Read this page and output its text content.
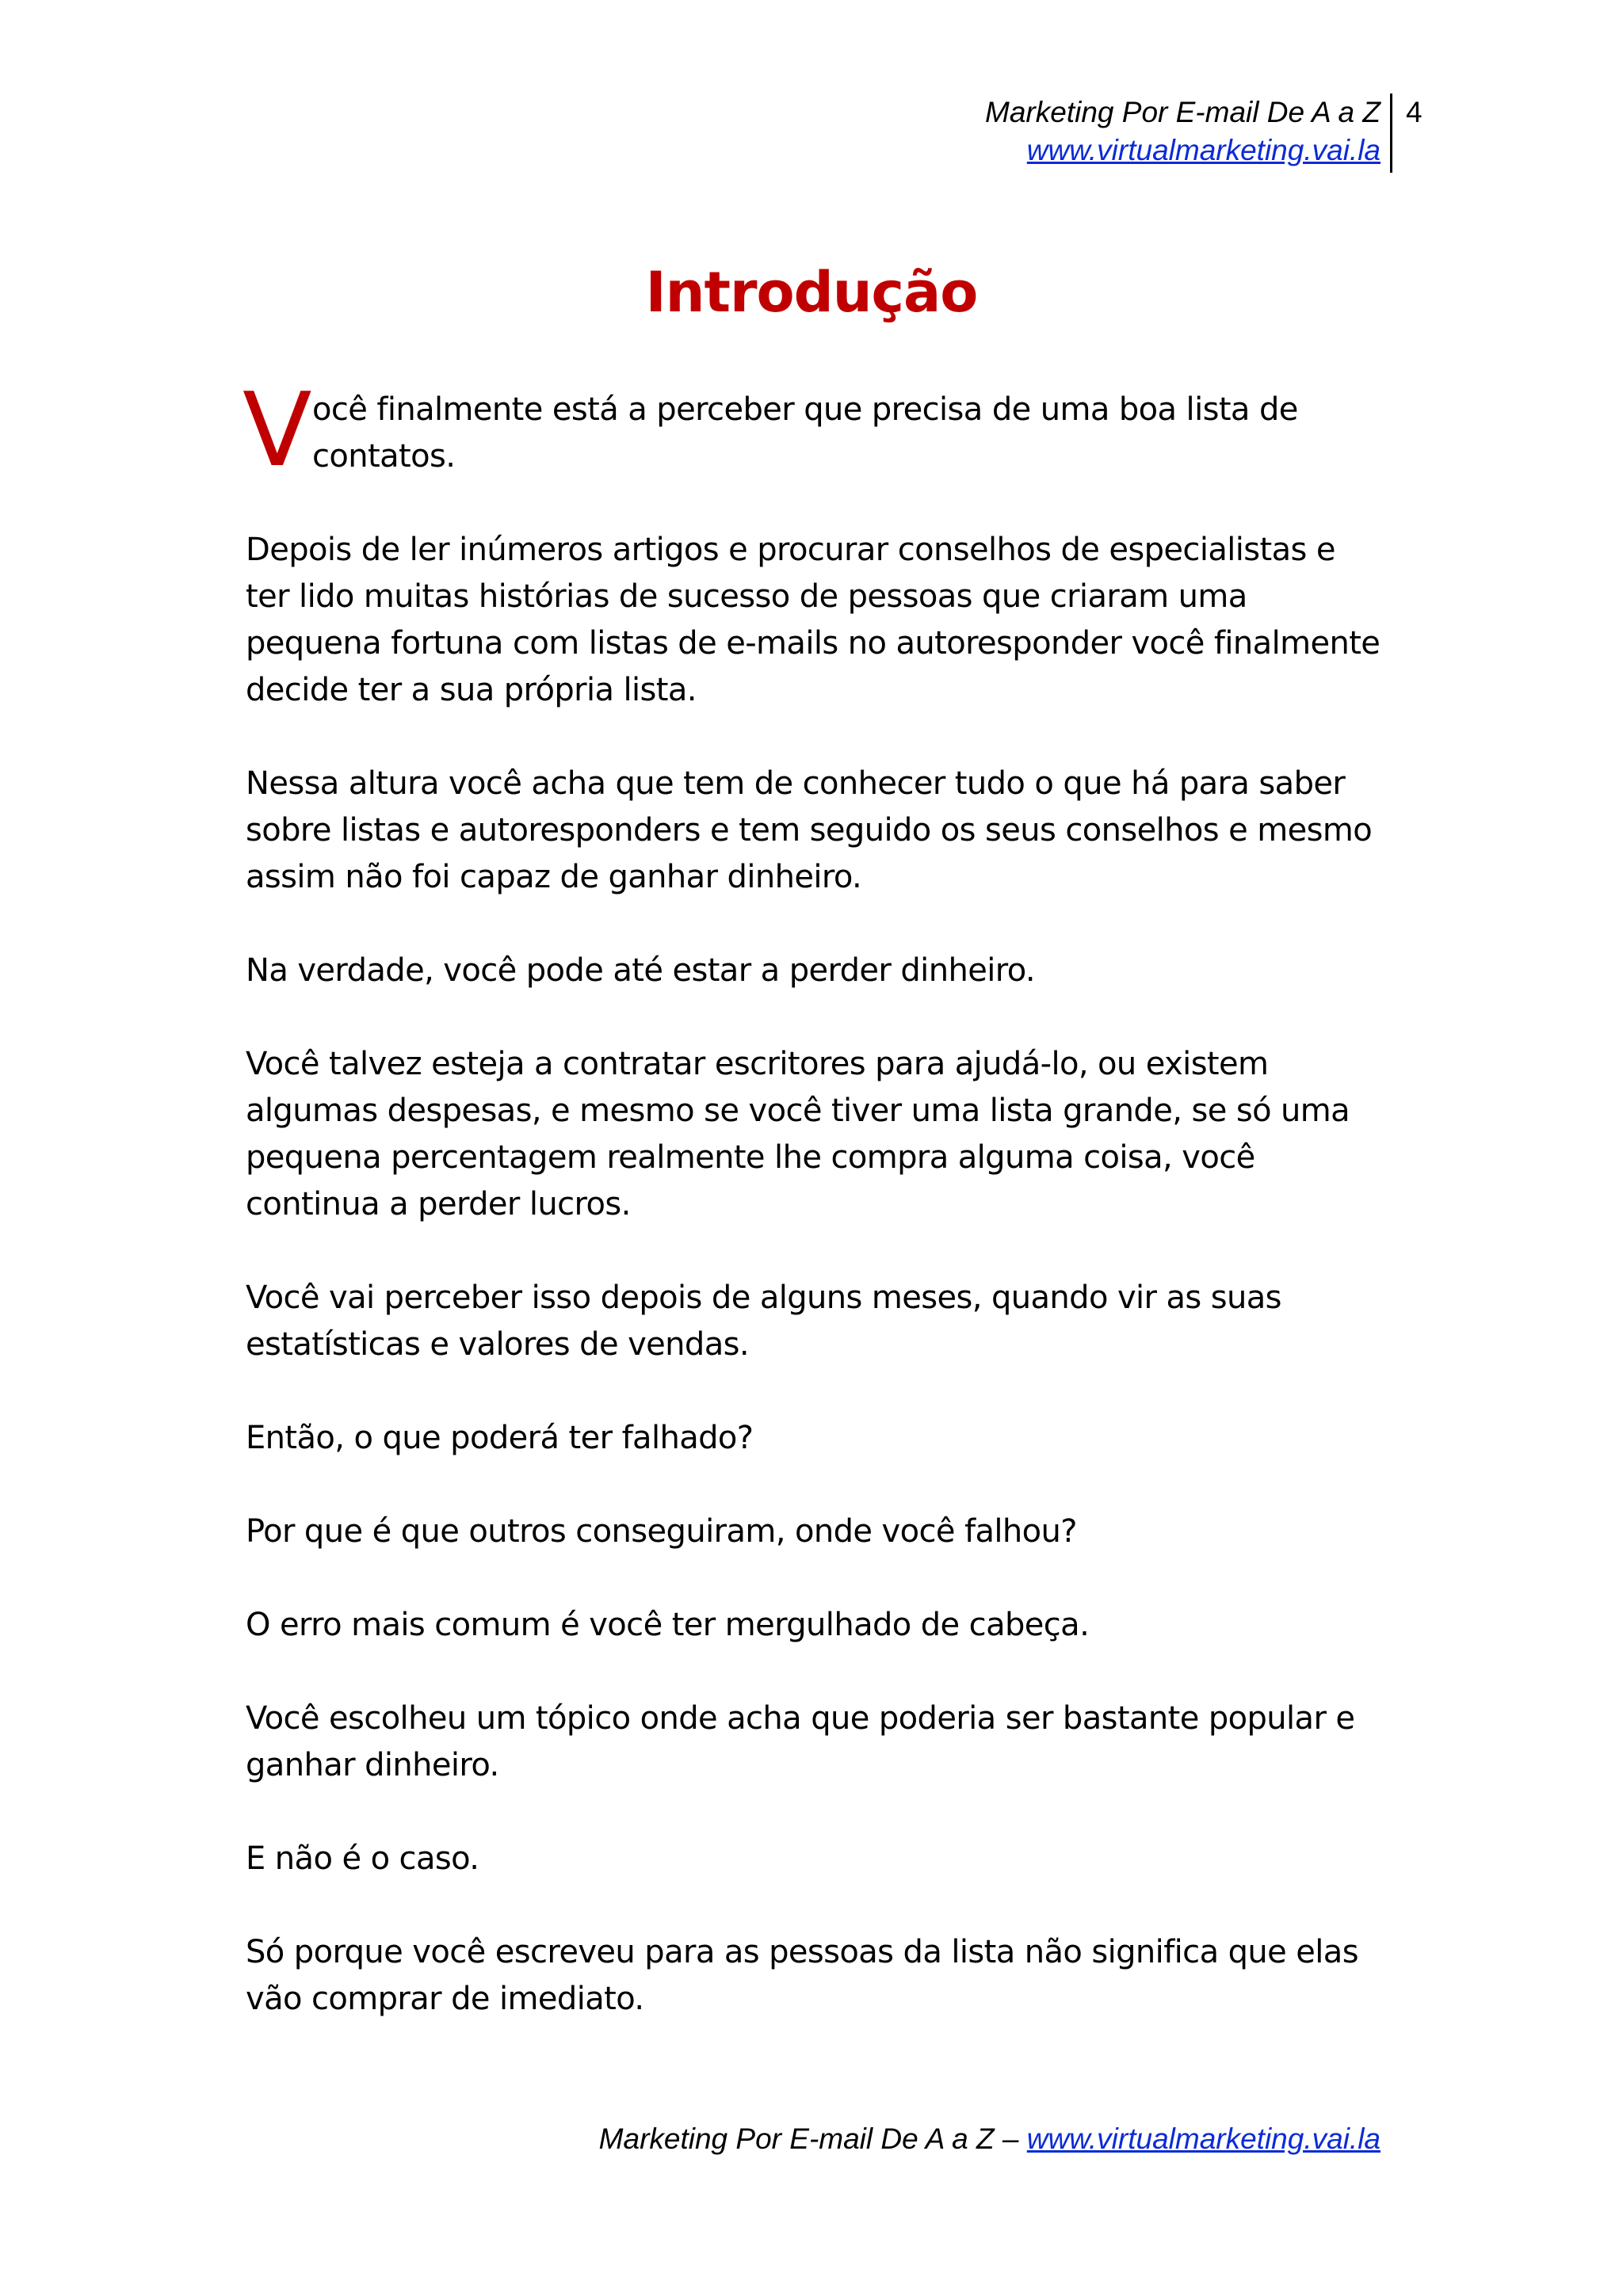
Marketing Por E-mail De A a Z
www.virtualmarketing.vai.la
4
Introdução

V ocê finalmente está a perceber que precisa de uma boa lista de contatos.

Depois de ler inúmeros artigos e procurar conselhos de especialistas e ter lido muitas histórias de sucesso de pessoas que criaram uma pequena fortuna com listas de e-mails no autoresponder você finalmente decide ter a sua própria lista.

Nessa altura você acha que tem de conhecer tudo o que há para saber sobre listas e autoresponders e tem seguido os seus conselhos e mesmo assim não foi capaz de ganhar dinheiro.

Na verdade, você pode até estar a perder dinheiro.

Você talvez esteja a contratar escritores para ajudá-lo, ou existem algumas despesas, e mesmo se você tiver uma lista grande, se só uma pequena percentagem realmente lhe compra alguma coisa, você continua a perder lucros.

Você vai perceber isso depois de alguns meses, quando vir as suas estatísticas e valores de vendas.

Então, o que poderá ter falhado?

Por que é que outros conseguiram, onde você falhou?

O erro mais comum é você ter mergulhado de cabeça.

Você escolheu um tópico onde acha que poderia ser bastante popular e ganhar dinheiro.

E não é o caso.

Só porque você escreveu para as pessoas da lista não significa que elas vão comprar de imediato.

Marketing Por E-mail De A a Z – www.virtualmarketing.vai.la
